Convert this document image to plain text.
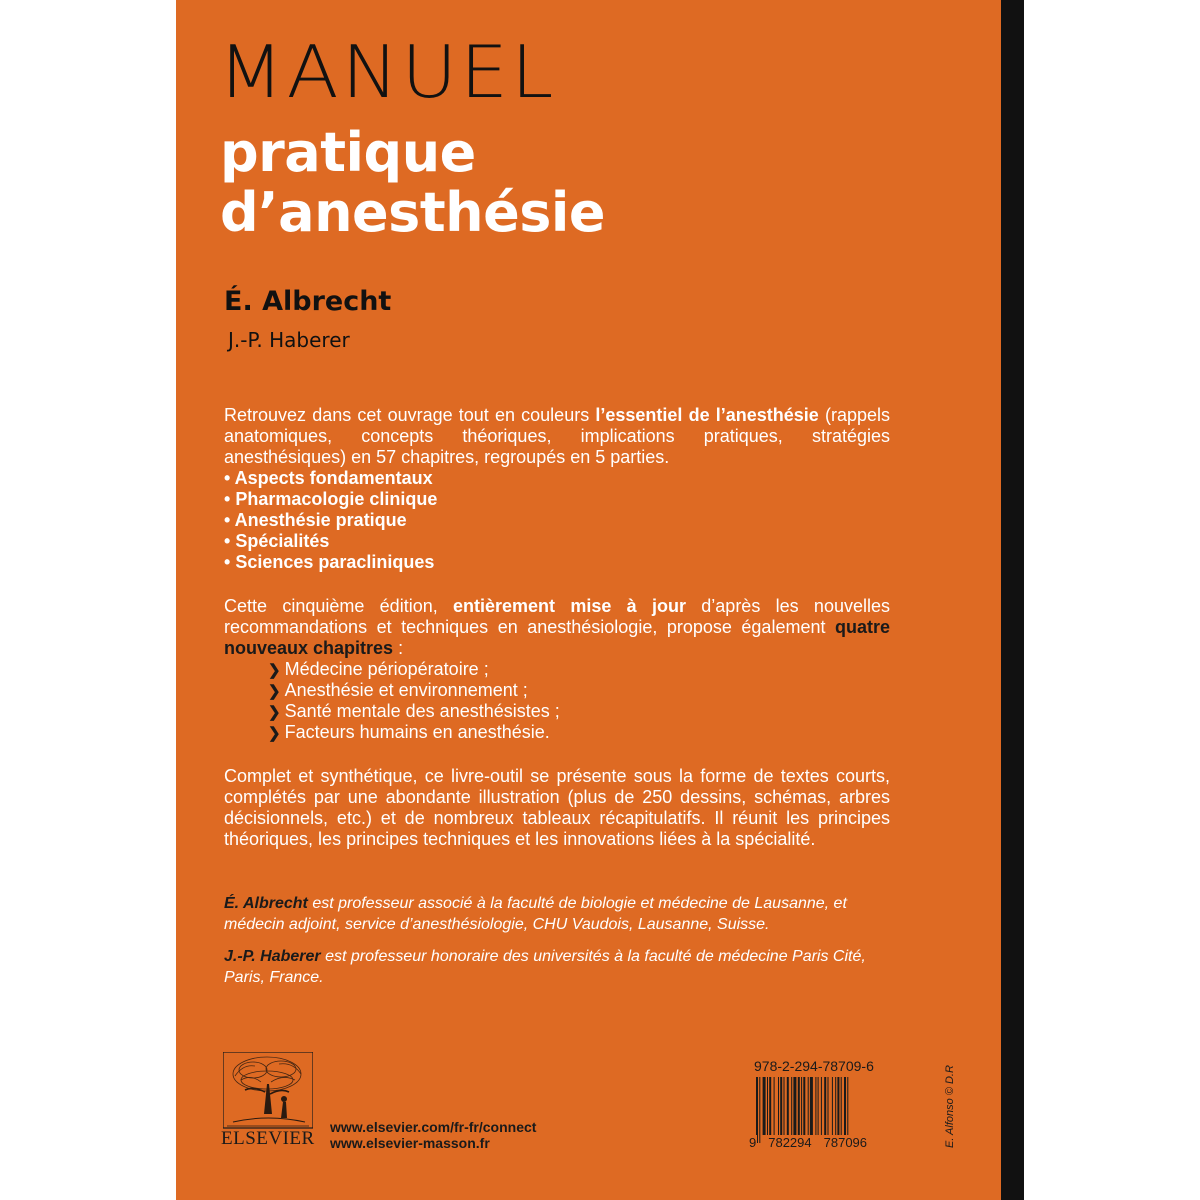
MANUEL
pratique
d’anesthésie
É. Albrecht
J.-P. Haberer
Retrouvez dans cet ouvrage tout en couleurs l’essentiel de l’anesthésie (rappels anatomiques, concepts théoriques, implications pratiques, stratégies anesthésiques) en 57 chapitres, regroupés en 5 parties.
• Aspects fondamentaux
• Pharmacologie clinique
• Anesthésie pratique
• Spécialités
• Sciences paracliniques
Cette cinquième édition, entièrement mise à jour d’après les nouvelles recommandations et techniques en anesthésiologie, propose également quatre nouveaux chapitres :
❯ Médecine périopératoire ;
❯ Anesthésie et environnement ;
❯ Santé mentale des anesthésistes ;
❯ Facteurs humains en anesthésie.
Complet et synthétique, ce livre-outil se présente sous la forme de textes courts, complétés par une abondante illustration (plus de 250 dessins, schémas, arbres décisionnels, etc.) et de nombreux tableaux récapitulatifs. Il réunit les principes théoriques, les principes techniques et les innovations liées à la spécialité.
É. Albrecht est professeur associé à la faculté de biologie et médecine de Lausanne, et médecin adjoint, service d’anesthésiologie, CHU Vaudois, Lausanne, Suisse.
J.-P. Haberer est professeur honoraire des universités à la faculté de médecine Paris Cité, Paris, France.
ELSEVIER
www.elsevier.com/fr-fr/connect
www.elsevier-masson.fr
978-2-294-78709-6
9 782294 787096	E. Alfonso © D.R
